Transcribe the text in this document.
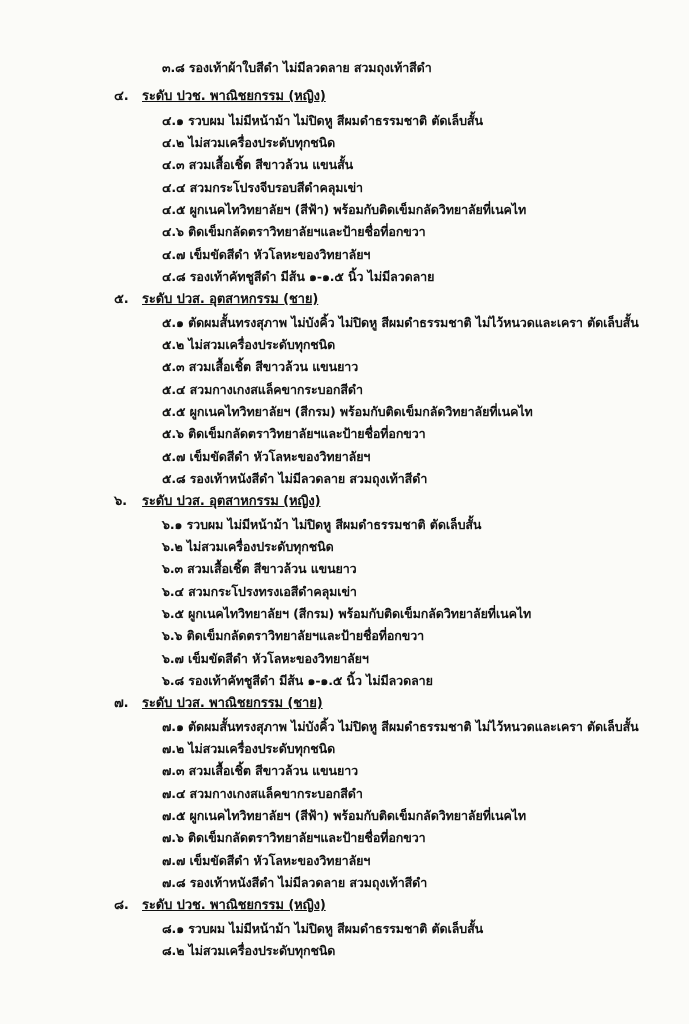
๓.๘ รองเท้าผ้าใบสีดำ ไม่มีลวดลาย สวมถุงเท้าสีดำ
๔. ระดับ ปวช. พาณิชยกรรม (หญิง)
๔.๑ รวบผม ไม่มีหน้าม้า ไม่ปิดหู สีผมดำธรรมชาติ ตัดเล็บสั้น
๔.๒ ไม่สวมเครื่องประดับทุกชนิด
๔.๓ สวมเสื้อเชิ้ต สีขาวล้วน แขนสั้น
๔.๔ สวมกระโปรงจีบรอบสีดำคลุมเข่า
๔.๕ ผูกเนคไทวิทยาลัยฯ (สีฟ้า) พร้อมกับติดเข็มกลัดวิทยาลัยที่เนคไท
๔.๖ ติดเข็มกลัดตราวิทยาลัยฯและป้ายชื่อที่อกขวา
๔.๗ เข็มขัดสีดำ หัวโลหะของวิทยาลัยฯ
๔.๘ รองเท้าคัทชูสีดำ มีส้น ๑-๑.๕ นิ้ว ไม่มีลวดลาย
๕. ระดับ ปวส. อุตสาหกรรม (ชาย)
๕.๑ ตัดผมสั้นทรงสุภาพ ไม่บังคิ้ว ไม่ปิดหู สีผมดำธรรมชาติ ไม่ไว้หนวดและเครา ตัดเล็บสั้น
๕.๒ ไม่สวมเครื่องประดับทุกชนิด
๕.๓ สวมเสื้อเชิ้ต สีขาวล้วน แขนยาว
๕.๔ สวมกางเกงสแล็คขากระบอกสีดำ
๕.๕ ผูกเนคไทวิทยาลัยฯ (สีกรม) พร้อมกับติดเข็มกลัดวิทยาลัยที่เนคไท
๕.๖ ติดเข็มกลัดตราวิทยาลัยฯและป้ายชื่อที่อกขวา
๕.๗ เข็มขัดสีดำ หัวโลหะของวิทยาลัยฯ
๕.๘ รองเท้าหนังสีดำ ไม่มีลวดลาย สวมถุงเท้าสีดำ
๖. ระดับ ปวส. อุตสาหกรรม (หญิง)
๖.๑ รวบผม ไม่มีหน้าม้า ไม่ปิดหู สีผมดำธรรมชาติ ตัดเล็บสั้น
๖.๒ ไม่สวมเครื่องประดับทุกชนิด
๖.๓ สวมเสื้อเชิ้ต สีขาวล้วน แขนยาว
๖.๔ สวมกระโปรงทรงเอสีดำคลุมเข่า
๖.๕ ผูกเนคไทวิทยาลัยฯ (สีกรม) พร้อมกับติดเข็มกลัดวิทยาลัยที่เนคไท
๖.๖ ติดเข็มกลัดตราวิทยาลัยฯและป้ายชื่อที่อกขวา
๖.๗ เข็มขัดสีดำ หัวโลหะของวิทยาลัยฯ
๖.๘ รองเท้าคัทชูสีดำ มีส้น ๑-๑.๕ นิ้ว ไม่มีลวดลาย
๗. ระดับ ปวส. พาณิชยกรรม (ชาย)
๗.๑ ตัดผมสั้นทรงสุภาพ ไม่บังคิ้ว ไม่ปิดหู สีผมดำธรรมชาติ ไม่ไว้หนวดและเครา ตัดเล็บสั้น
๗.๒ ไม่สวมเครื่องประดับทุกชนิด
๗.๓ สวมเสื้อเชิ้ต สีขาวล้วน แขนยาว
๗.๔ สวมกางเกงสแล็คขากระบอกสีดำ
๗.๕ ผูกเนคไทวิทยาลัยฯ (สีฟ้า) พร้อมกับติดเข็มกลัดวิทยาลัยที่เนคไท
๗.๖ ติดเข็มกลัดตราวิทยาลัยฯและป้ายชื่อที่อกขวา
๗.๗ เข็มขัดสีดำ หัวโลหะของวิทยาลัยฯ
๗.๘ รองเท้าหนังสีดำ ไม่มีลวดลาย สวมถุงเท้าสีดำ
๘. ระดับ ปวช. พาณิชยกรรม (หญิง)
๘.๑ รวบผม ไม่มีหน้าม้า ไม่ปิดหู สีผมดำธรรมชาติ ตัดเล็บสั้น
๘.๒ ไม่สวมเครื่องประดับทุกชนิด
